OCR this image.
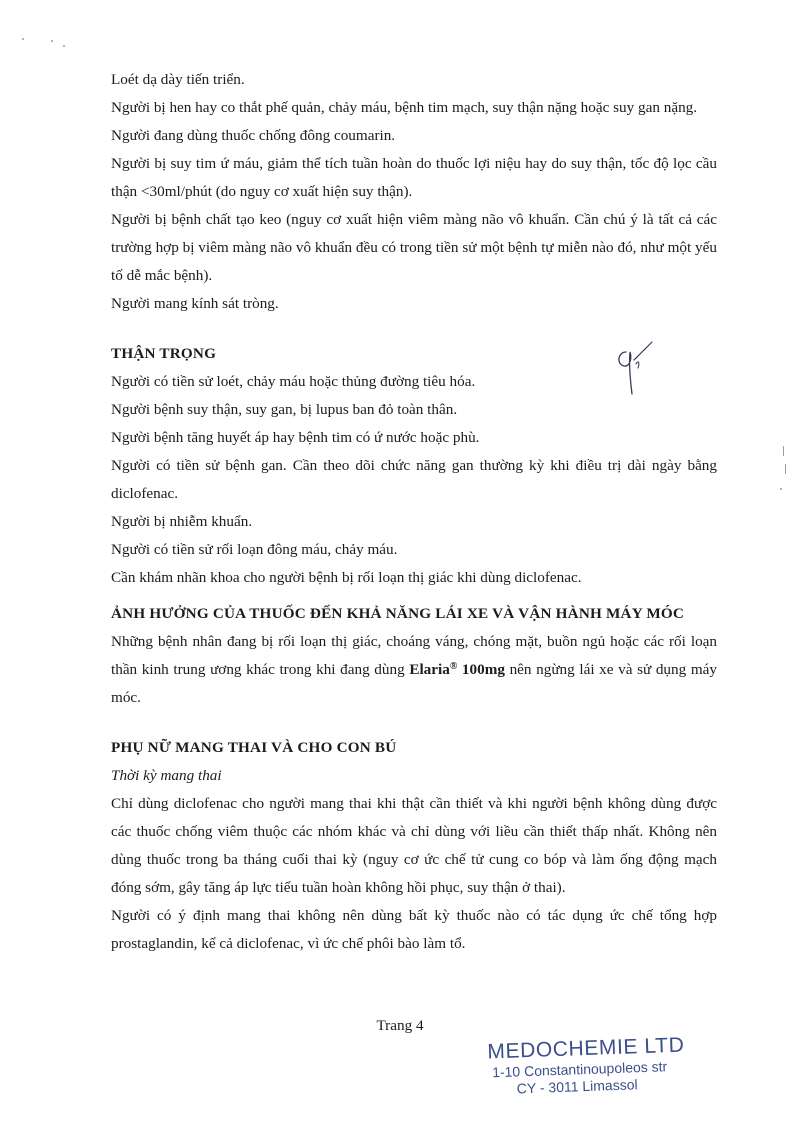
Loét dạ dày tiến triển.

Người bị hen hay co thắt phế quản, chảy máu, bệnh tim mạch, suy thận nặng hoặc suy gan nặng.

Người đang dùng thuốc chống đông coumarin.

Người bị suy tim ứ máu, giảm thể tích tuần hoàn do thuốc lợi niệu hay do suy thận, tốc độ lọc cầu thận <30ml/phút (do nguy cơ xuất hiện suy thận).

Người bị bệnh chất tạo keo (nguy cơ xuất hiện viêm màng não vô khuẩn. Cần chú ý là tất cả các trường hợp bị viêm màng não vô khuẩn đều có trong tiền sử một bệnh tự miễn nào đó, như một yếu tố dễ mắc bệnh).

Người mang kính sát tròng.

THẬN TRỌNG

Người có tiền sử loét, chảy máu hoặc thủng đường tiêu hóa.

Người bệnh suy thận, suy gan, bị lupus ban đỏ toàn thân.

Người bệnh tăng huyết áp hay bệnh tim có ứ nước hoặc phù.

Người có tiền sử bệnh gan. Cần theo dõi chức năng gan thường kỳ khi điều trị dài ngày bằng diclofenac.

Người bị nhiễm khuẩn.

Người có tiền sử rối loạn đông máu, chảy máu.

Cần khám nhãn khoa cho người bệnh bị rối loạn thị giác khi dùng diclofenac.

ẢNH HƯỞNG CỦA THUỐC ĐẾN KHẢ NĂNG LÁI XE VÀ VẬN HÀNH MÁY MÓC

Những bệnh nhân đang bị rối loạn thị giác, choáng váng, chóng mặt, buồn ngủ hoặc các rối loạn thần kinh trung ương khác trong khi đang dùng Elaria® 100mg nên ngừng lái xe và sử dụng máy móc.

PHỤ NỮ MANG THAI VÀ CHO CON BÚ

Thời kỳ mang thai

Chỉ dùng diclofenac cho người mang thai khi thật cần thiết và khi người bệnh không dùng được các thuốc chống viêm thuộc các nhóm khác và chỉ dùng với liều cần thiết thấp nhất. Không nên dùng thuốc trong ba tháng cuối thai kỳ (nguy cơ ức chế tử cung co bóp và làm ống động mạch đóng sớm, gây tăng áp lực tiểu tuần hoàn không hồi phục, suy thận ở thai).

Người có ý định mang thai không nên dùng bất kỳ thuốc nào có tác dụng ức chế tổng hợp prostaglandin, kể cả diclofenac, vì ức chế phôi bào làm tổ.

Trang 4
MEDOCHEMIE LTD
1-10 Constantinoupoleos str
CY - 3011 Limassol
